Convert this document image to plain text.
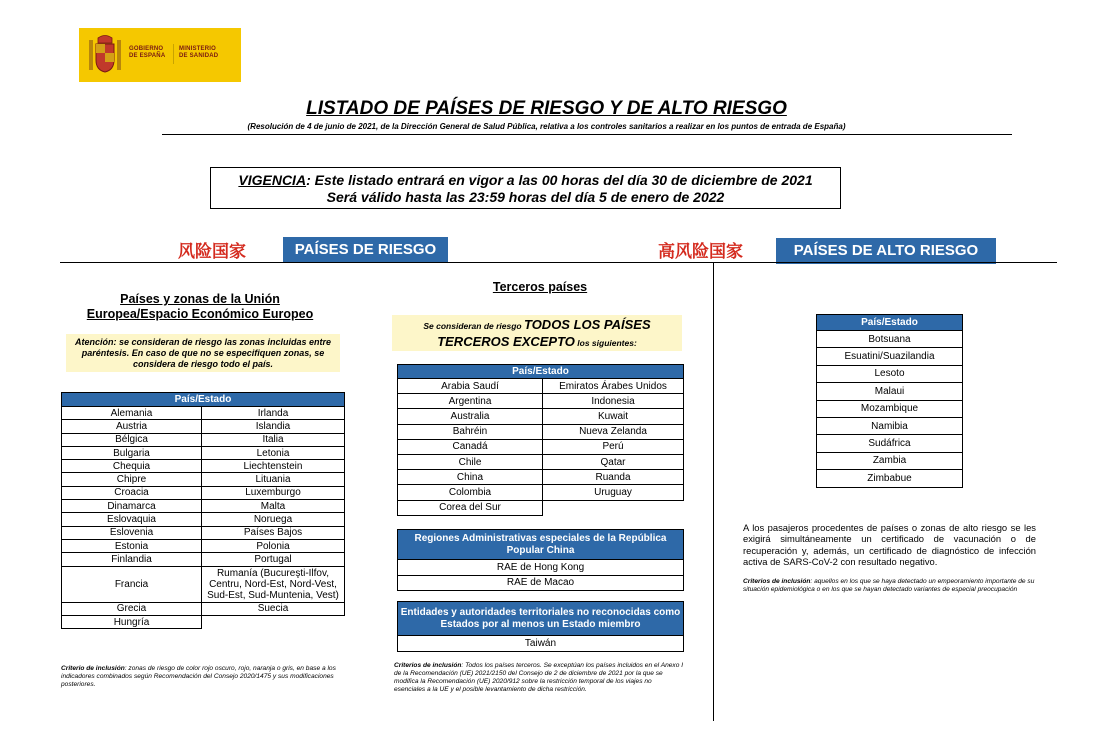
GOBIERNO
DE ESPAÑA
MINISTERIO
DE SANIDAD
LISTADO DE PAÍSES DE RIESGO Y DE ALTO RIESGO
(Resolución de 4 de junio de 2021, de la Dirección General de Salud Pública, relativa a los controles sanitarios a realizar en los puntos de entrada de España)
VIGENCIA: Este listado entrará en vigor a las 00 horas del día 30 de diciembre de 2021
Será válido hasta las 23:59 horas del día 5 de enero de 2022
风险国家	PAÍSES DE RIESGO	高风险国家	PAÍSES DE ALTO RIESGO
Países y zonas de la Unión
Europea/Espacio Económico Europeo
Atención: se consideran de riesgo las zonas incluidas entre paréntesis. En caso de que no se especifiquen zonas, se considera de riesgo todo el país.
País/Estado	
Alemania	Irlanda
Austria	Islandia
Bélgica	Italia
Bulgaria	Letonia
Chequia	Liechtenstein
Chipre	Lituania
Croacia	Luxemburgo
Dinamarca	Malta
Eslovaquia	Noruega
Eslovenia	Países Bajos
Estonia	Polonia
Finlandia	Portugal
Francia	Rumanía (Bucureşti-Ilfov, Centru, Nord-Est, Nord-Vest, Sud-Est, Sud-Muntenia, Vest)
Grecia	Suecia
Hungría	
Criterio de inclusión: zonas de riesgo de color rojo oscuro, rojo, naranja o gris, en base a los indicadores combinados según Recomendación del Consejo 2020/1475 y sus modificaciones posteriores.
Terceros países
Se consideran de riesgo TODOS LOS PAÍSES TERCEROS EXCEPTO los siguientes:
País/Estado	
Arabia Saudí	Emiratos Árabes Unidos
Argentina	Indonesia
Australia	Kuwait
Bahréin	Nueva Zelanda
Canadá	Perú
Chile	Qatar
China	Ruanda
Colombia	Uruguay
Corea del Sur	
Regiones Administrativas especiales de la República Popular China
RAE de Hong Kong
RAE de Macao
Entidades y autoridades territoriales no reconocidas como Estados por al menos un Estado miembro
Taiwán
Criterios de inclusión: Todos los países terceros. Se exceptúan los países incluidos en el Anexo I de la Recomendación (UE) 2021/2150 del Consejo de 2 de diciembre de 2021 por la que se modifica la Recomendación (UE) 2020/912 sobre la restricción temporal de los viajes no esenciales a la UE y el posible levantamiento de dicha restricción.
País/Estado
Botsuana
Esuatini/Suazilandia
Lesoto
Malaui
Mozambique
Namibia
Sudáfrica
Zambia
Zimbabue
A los pasajeros procedentes de países o zonas de alto riesgo se les exigirá simultáneamente un certificado de vacunación o de recuperación y, además, un certificado de diagnóstico de infección activa de SARS-CoV-2 con resultado negativo.
Criterios de inclusión: aquellos en los que se haya detectado un empeoramiento importante de su situación epidemiológica o en los que se hayan detectado variantes de especial preocupación
